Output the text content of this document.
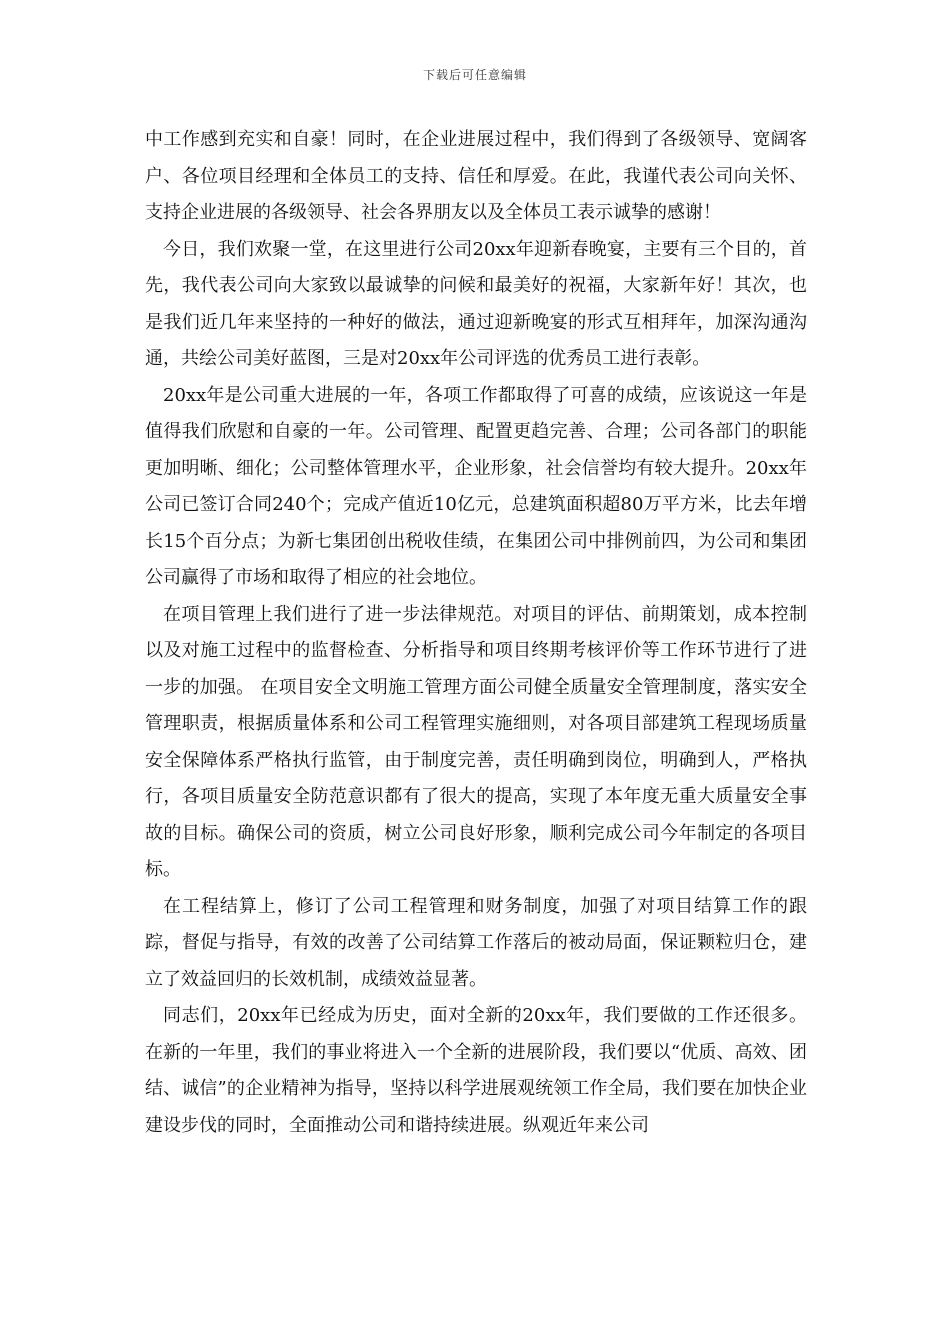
下载后可任意编辑

中工作感到充实和自豪！同时，在企业进展过程中，我们得到了各级领导、宽阔客户、各位项目经理和全体员工的支持、信任和厚爱。在此，我谨代表公司向关怀、支持企业进展的各级领导、社会各界朋友以及全体员工表示诚挚的感谢！

今日，我们欢聚一堂，在这里进行公司20xx年迎新春晚宴，主要有三个目的，首先，我代表公司向大家致以最诚挚的问候和最美好的祝福，大家新年好！其次，也是我们近几年来坚持的一种好的做法，通过迎新晚宴的形式互相拜年，加深沟通沟通，共绘公司美好蓝图，三是对20xx年公司评选的优秀员工进行表彰。

20xx年是公司重大进展的一年，各项工作都取得了可喜的成绩，应该说这一年是值得我们欣慰和自豪的一年。公司管理、配置更趋完善、合理；公司各部门的职能更加明晰、细化；公司整体管理水平，企业形象，社会信誉均有较大提升。20xx年公司已签订合同240个；完成产值近10亿元，总建筑面积超80万平方米，比去年增长15个百分点；为新七集团创出税收佳绩，在集团公司中排例前四，为公司和集团公司赢得了市场和取得了相应的社会地位。

在项目管理上我们进行了进一步法律规范。对项目的评估、前期策划，成本控制以及对施工过程中的监督检查、分析指导和项目终期考核评价等工作环节进行了进一步的加强。 在项目安全文明施工管理方面公司健全质量安全管理制度，落实安全管理职责，根据质量体系和公司工程管理实施细则，对各项目部建筑工程现场质量安全保障体系严格执行监管，由于制度完善，责任明确到岗位，明确到人，严格执行，各项目质量安全防范意识都有了很大的提高，实现了本年度无重大质量安全事故的目标。确保公司的资质，树立公司良好形象，顺利完成公司今年制定的各项目标。

在工程结算上，修订了公司工程管理和财务制度，加强了对项目结算工作的跟踪，督促与指导，有效的改善了公司结算工作落后的被动局面，保证颗粒归仓，建立了效益回归的长效机制，成绩效益显著。

同志们，20xx年已经成为历史，面对全新的20xx年，我们要做的工作还很多。在新的一年里，我们的事业将进入一个全新的进展阶段，我们要以“优质、高效、团结、诚信”的企业精神为指导，坚持以科学进展观统领工作全局，我们要在加快企业建设步伐的同时，全面推动公司和谐持续进展。纵观近年来公司
